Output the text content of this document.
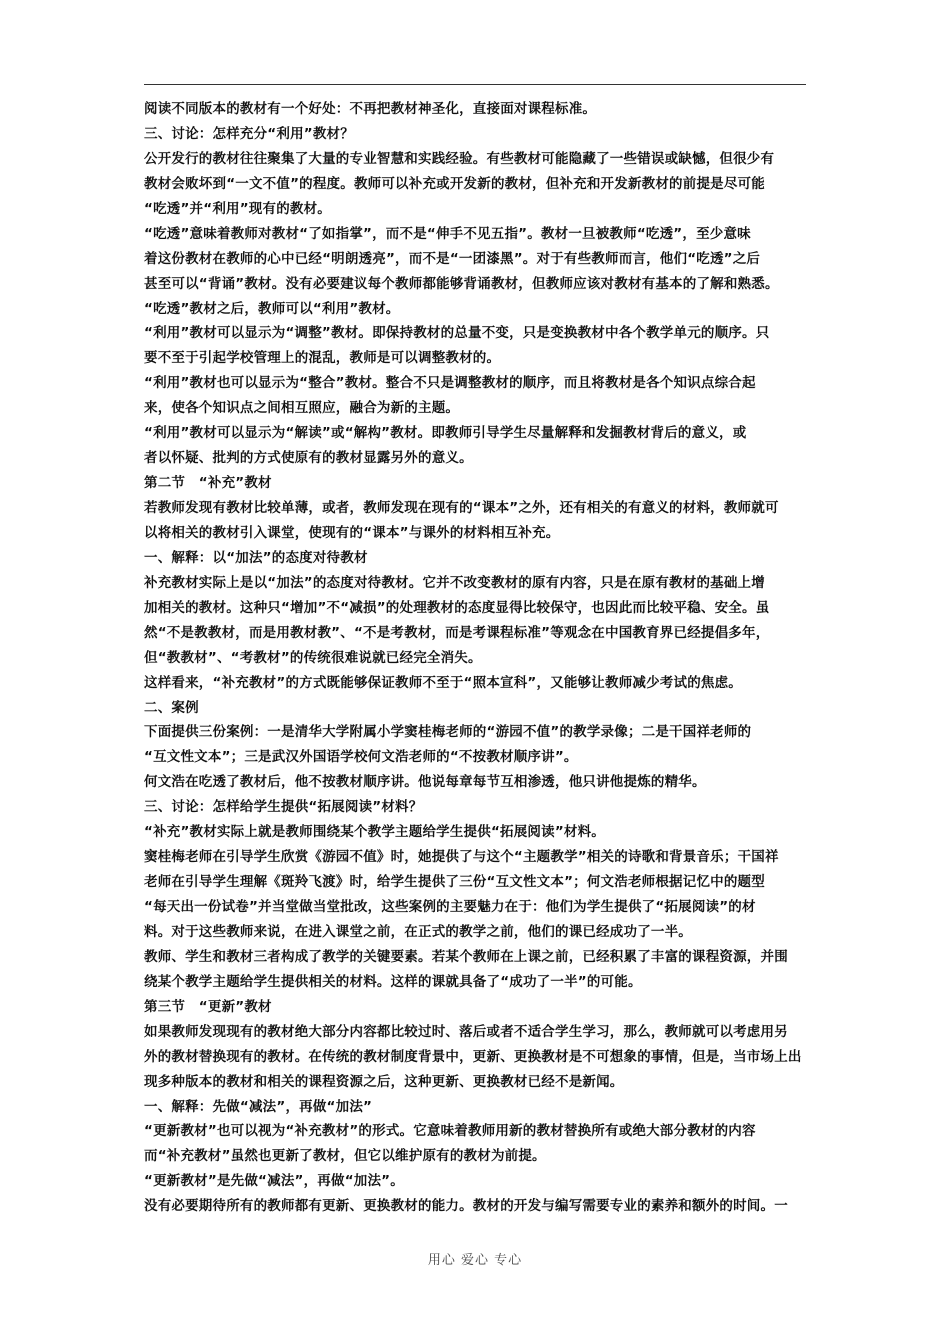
阅读不同版本的教材有一个好处：不再把教材神圣化，直接面对课程标准。
三、讨论：怎样充分“利用”教材？
公开发行的教材往往聚集了大量的专业智慧和实践经验。有些教材可能隐藏了一些错误或缺憾，但很少有
教材会败坏到“一文不值”的程度。教师可以补充或开发新的教材，但补充和开发新教材的前提是尽可能
“吃透”并“利用”现有的教材。
“吃透”意味着教师对教材“了如指掌”，而不是“伸手不见五指”。教材一旦被教师“吃透”，至少意味
着这份教材在教师的心中已经“明朗透亮”，而不是“一团漆黑”。对于有些教师而言，他们“吃透”之后
甚至可以“背诵”教材。没有必要建议每个教师都能够背诵教材，但教师应该对教材有基本的了解和熟悉。
“吃透”教材之后，教师可以“利用”教材。
“利用”教材可以显示为“调整”教材。即保持教材的总量不变，只是变换教材中各个教学单元的顺序。只
要不至于引起学校管理上的混乱，教师是可以调整教材的。
“利用”教材也可以显示为“整合”教材。整合不只是调整教材的顺序，而且将教材是各个知识点综合起
来，使各个知识点之间相互照应，融合为新的主题。
“利用”教材可以显示为“解读”或“解构”教材。即教师引导学生尽量解释和发掘教材背后的意义，或
者以怀疑、批判的方式使原有的教材显露另外的意义。
第二节　“补充”教材
若教师发现有教材比较单薄，或者，教师发现在现有的“课本”之外，还有相关的有意义的材料，教师就可
以将相关的教材引入课堂，使现有的“课本”与课外的材料相互补充。
一、解释：以“加法”的态度对待教材
补充教材实际上是以“加法”的态度对待教材。它并不改变教材的原有内容，只是在原有教材的基础上增
加相关的教材。这种只“增加”不“减损”的处理教材的态度显得比较保守，也因此而比较平稳、安全。虽
然“不是教教材，而是用教材教”、“不是考教材，而是考课程标准”等观念在中国教育界已经提倡多年，
但“教教材”、“考教材”的传统很难说就已经完全消失。
这样看来，“补充教材”的方式既能够保证教师不至于“照本宣科”，又能够让教师减少考试的焦虑。
二、案例
下面提供三份案例：一是清华大学附属小学窦桂梅老师的“游园不值”的教学录像；二是干国祥老师的
“互文性文本”；三是武汉外国语学校何文浩老师的“不按教材顺序讲”。
何文浩在吃透了教材后，他不按教材顺序讲。他说每章每节互相渗透，他只讲他提炼的精华。
三、讨论：怎样给学生提供“拓展阅读”材料？
“补充”教材实际上就是教师围绕某个教学主题给学生提供“拓展阅读”材料。
窦桂梅老师在引导学生欣赏《游园不值》时，她提供了与这个“主题教学”相关的诗歌和背景音乐；干国祥
老师在引导学生理解《斑羚飞渡》时，给学生提供了三份“互文性文本”；何文浩老师根据记忆中的题型
“每天出一份试卷”并当堂做当堂批改，这些案例的主要魅力在于：他们为学生提供了“拓展阅读”的材
料。对于这些教师来说，在进入课堂之前，在正式的教学之前，他们的课已经成功了一半。
教师、学生和教材三者构成了教学的关键要素。若某个教师在上课之前，已经积累了丰富的课程资源，并围
绕某个教学主题给学生提供相关的材料。这样的课就具备了“成功了一半”的可能。
第三节　“更新”教材
如果教师发现现有的教材绝大部分内容都比较过时、落后或者不适合学生学习，那么，教师就可以考虑用另
外的教材替换现有的教材。在传统的教材制度背景中，更新、更换教材是不可想象的事情，但是，当市场上出
现多种版本的教材和相关的课程资源之后，这种更新、更换教材已经不是新闻。
一、解释：先做“减法”，再做“加法”
“更新教材”也可以视为“补充教材”的形式。它意味着教师用新的教材替换所有或绝大部分教材的内容
而“补充教材”虽然也更新了教材，但它以维护原有的教材为前提。
“更新教材”是先做“减法”，再做“加法”。
没有必要期待所有的教师都有更新、更换教材的能力。教材的开发与编写需要专业的素养和额外的时间。一
用心 爱心 专心
